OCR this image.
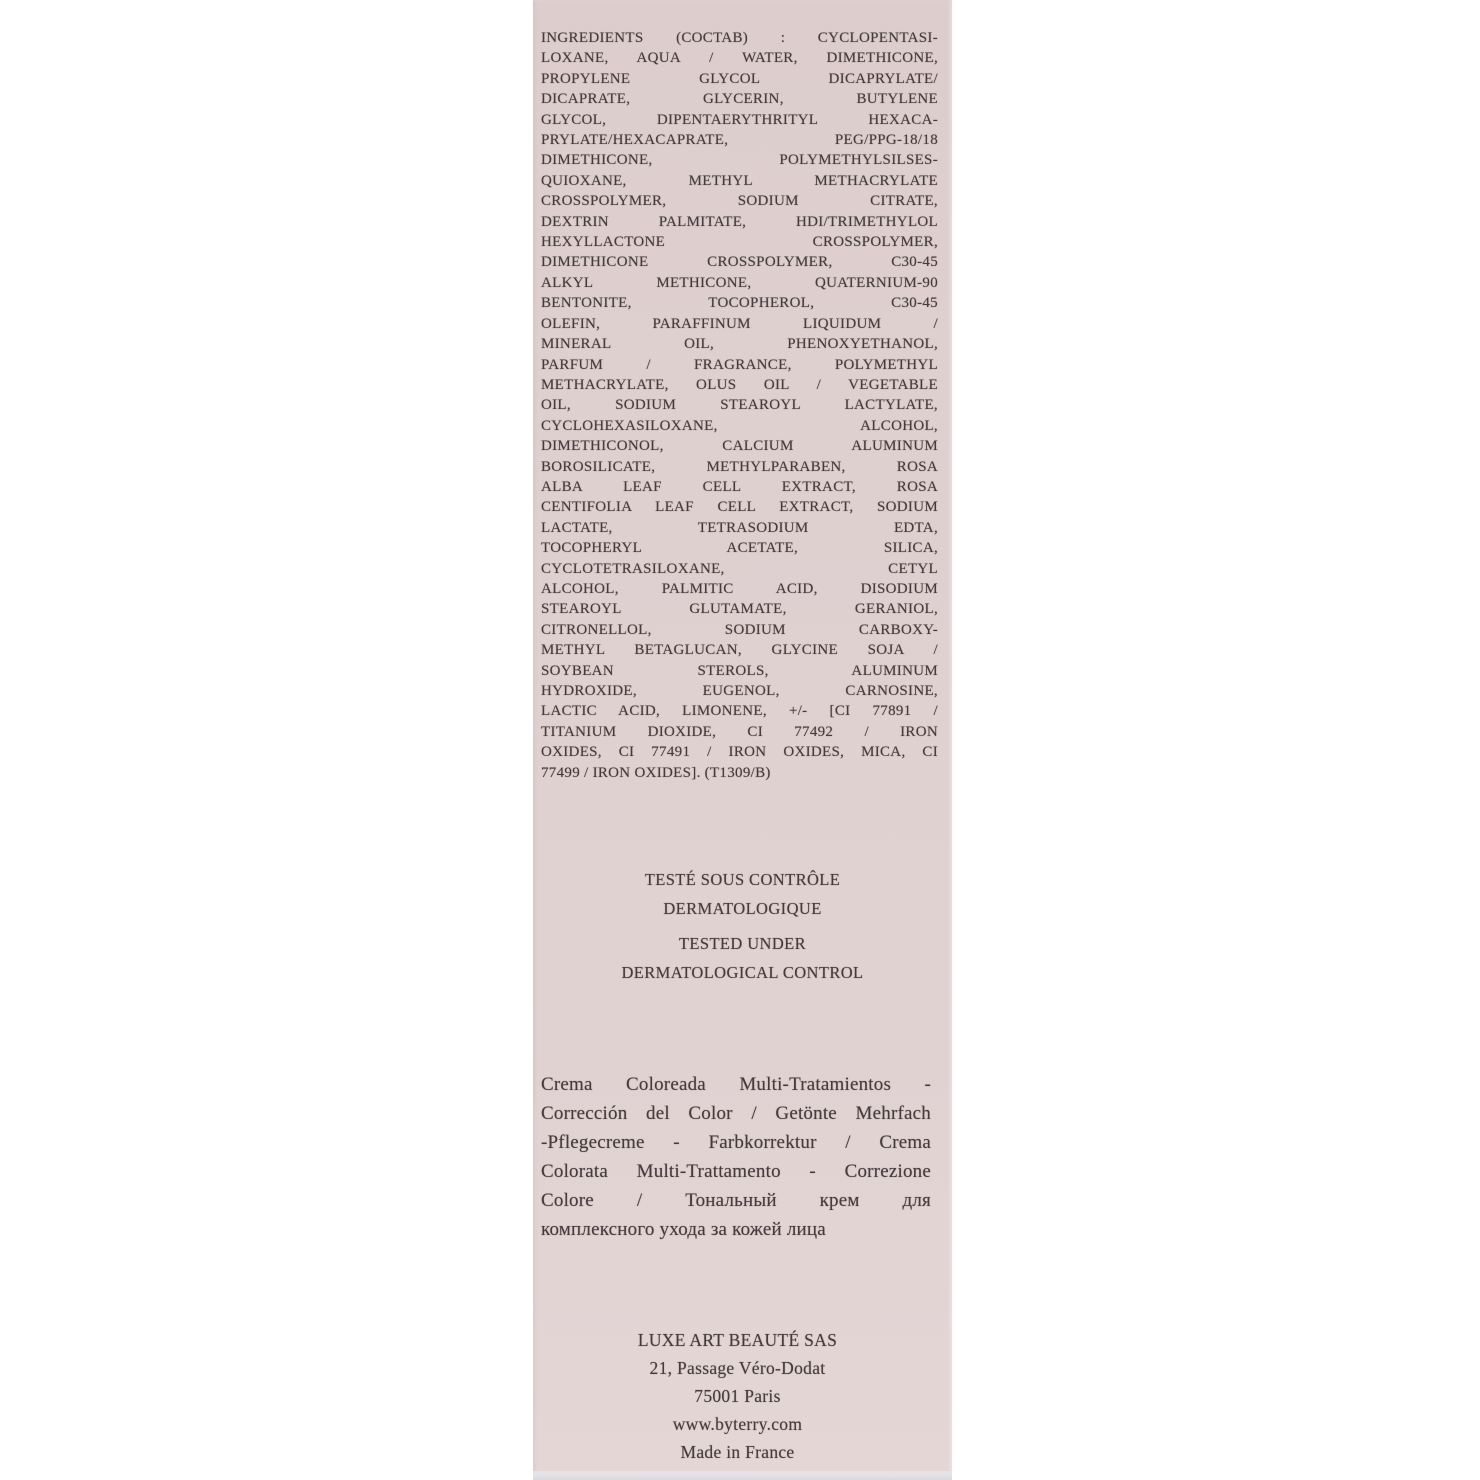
INGREDIENTS (COCTAB) : CYCLOPENTASI-
LOXANE, AQUA / WATER, DIMETHICONE,
PROPYLENE GLYCOL DICAPRYLATE/
DICAPRATE, GLYCERIN, BUTYLENE
GLYCOL, DIPENTAERYTHRITYL HEXACA-
PRYLATE/HEXACAPRATE, PEG/PPG-18/18
DIMETHICONE, POLYMETHYLSILSES-
QUIOXANE, METHYL METHACRYLATE
CROSSPOLYMER, SODIUM CITRATE,
DEXTRIN PALMITATE, HDI/TRIMETHYLOL
HEXYLLACTONE CROSSPOLYMER,
DIMETHICONE CROSSPOLYMER, C30-45
ALKYL METHICONE, QUATERNIUM-90
BENTONITE, TOCOPHEROL, C30-45
OLEFIN, PARAFFINUM LIQUIDUM /
MINERAL OIL, PHENOXYETHANOL,
PARFUM / FRAGRANCE, POLYMETHYL
METHACRYLATE, OLUS OIL / VEGETABLE
OIL, SODIUM STEAROYL LACTYLATE,
CYCLOHEXASILOXANE, ALCOHOL,
DIMETHICONOL, CALCIUM ALUMINUM
BOROSILICATE, METHYLPARABEN, ROSA
ALBA LEAF CELL EXTRACT, ROSA
CENTIFOLIA LEAF CELL EXTRACT, SODIUM
LACTATE, TETRASODIUM EDTA,
TOCOPHERYL ACETATE, SILICA,
CYCLOTETRASILOXANE, CETYL
ALCOHOL, PALMITIC ACID, DISODIUM
STEAROYL GLUTAMATE, GERANIOL,
CITRONELLOL, SODIUM CARBOXY-
METHYL BETAGLUCAN, GLYCINE SOJA /
SOYBEAN STEROLS, ALUMINUM
HYDROXIDE, EUGENOL, CARNOSINE,
LACTIC ACID, LIMONENE, +/- [CI 77891 /
TITANIUM DIOXIDE, CI 77492 / IRON
OXIDES, CI 77491 / IRON OXIDES, MICA, CI
77499 / IRON OXIDES]. (T1309/B)
TESTÉ SOUS CONTRÔLE
DERMATOLOGIQUE
TESTED UNDER
DERMATOLOGICAL CONTROL
Crema Coloreada Multi-Tratamientos -
Corrección del Color / Getönte Mehrfach
-Pflegecreme - Farbkorrektur / Crema
Colorata Multi-Trattamento - Correzione
Colore / Тональный крем для
комплексного ухода за кожей лица
LUXE ART BEAUTÉ SAS
21, Passage Véro-Dodat
75001 Paris
www.byterry.com
Made in France
